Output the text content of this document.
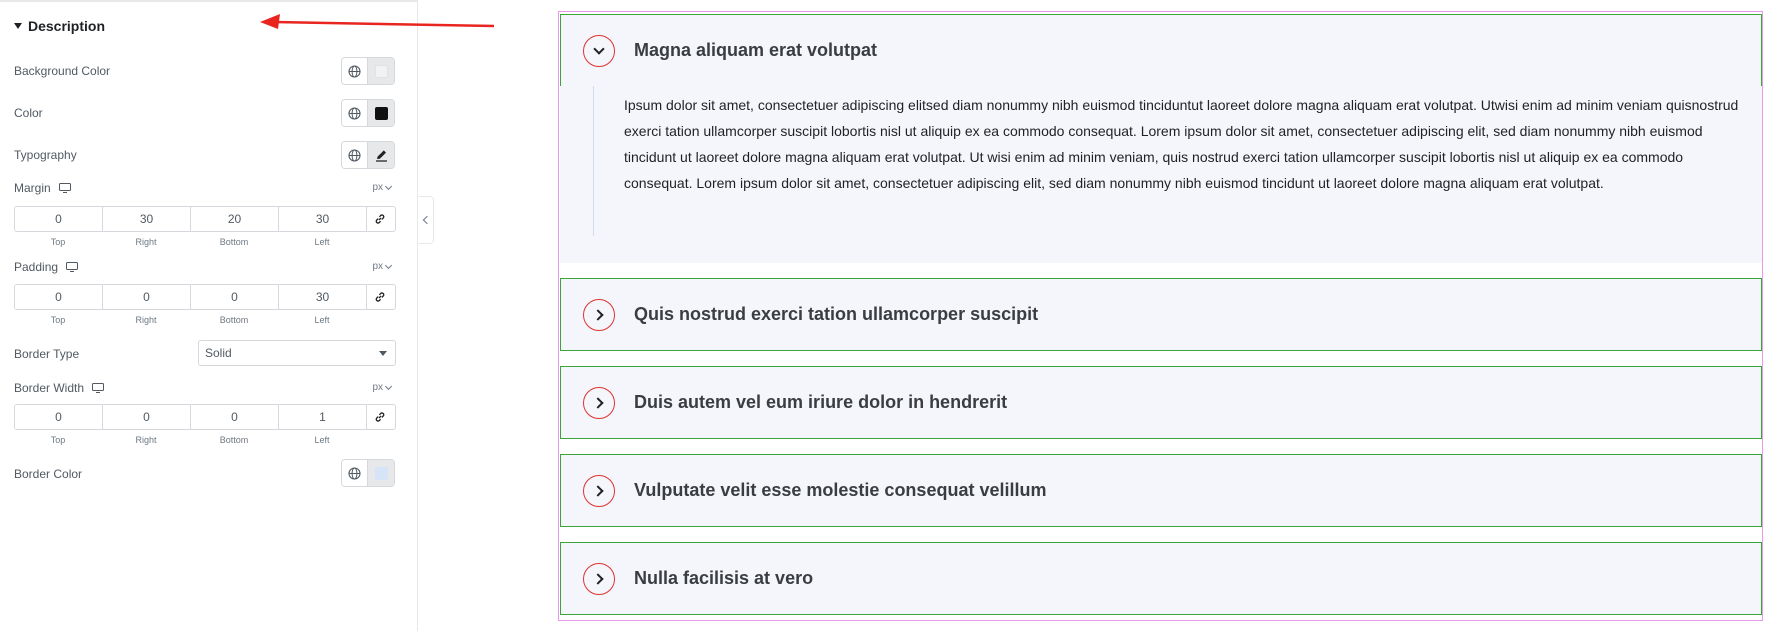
Description
Background Color
Color
Typography
Margin	px
0	30	20	30
Top	Right	Bottom	Left
Padding	px
0	0	0	30
Top	Right	Bottom	Left
Border Type	Solid
Border Width	px
0	0	0	1
Top	Right	Bottom	Left
Border Color
Magna aliquam erat volutpat
Ipsum dolor sit amet, consectetuer adipiscing elitsed diam nonummy nibh euismod tinciduntut laoreet dolore magna aliquam erat volutpat. Utwisi enim ad minim veniam quisnostrud exerci tation ullamcorper suscipit lobortis nisl ut aliquip ex ea commodo consequat. Lorem ipsum dolor sit amet, consectetuer adipiscing elit, sed diam nonummy nibh euismod tincidunt ut laoreet dolore magna aliquam erat volutpat. Ut wisi enim ad minim veniam, quis nostrud exerci tation ullamcorper suscipit lobortis nisl ut aliquip ex ea commodo consequat. Lorem ipsum dolor sit amet, consectetuer adipiscing elit, sed diam nonummy nibh euismod tincidunt ut laoreet dolore magna aliquam erat volutpat.
Quis nostrud exerci tation ullamcorper suscipit
Duis autem vel eum iriure dolor in hendrerit
Vulputate velit esse molestie consequat velillum
Nulla facilisis at vero
